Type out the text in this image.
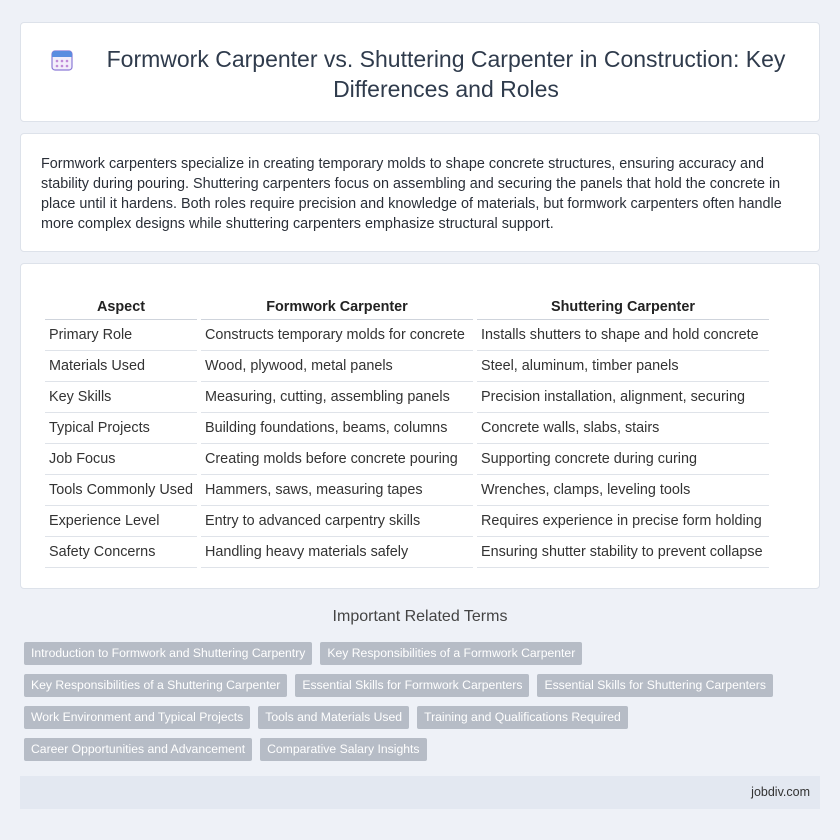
Formwork Carpenter vs. Shuttering Carpenter in Construction: Key Differences and Roles

Formwork carpenters specialize in creating temporary molds to shape concrete structures, ensuring accuracy and stability during pouring. Shuttering carpenters focus on assembling and securing the panels that hold the concrete in place until it hardens. Both roles require precision and knowledge of materials, but formwork carpenters often handle more complex designs while shuttering carpenters emphasize structural support.

Aspect	Formwork Carpenter	Shuttering Carpenter
Primary Role	Constructs temporary molds for concrete	Installs shutters to shape and hold concrete
Materials Used	Wood, plywood, metal panels	Steel, aluminum, timber panels
Key Skills	Measuring, cutting, assembling panels	Precision installation, alignment, securing
Typical Projects	Building foundations, beams, columns	Concrete walls, slabs, stairs
Job Focus	Creating molds before concrete pouring	Supporting concrete during curing
Tools Commonly Used	Hammers, saws, measuring tapes	Wrenches, clamps, leveling tools
Experience Level	Entry to advanced carpentry skills	Requires experience in precise form holding
Safety Concerns	Handling heavy materials safely	Ensuring shutter stability to prevent collapse
Important Related Terms
Introduction to Formwork and Shuttering Carpentry	Key Responsibilities of a Formwork Carpenter
Key Responsibilities of a Shuttering Carpenter	Essential Skills for Formwork Carpenters	Essential Skills for Shuttering Carpenters
Work Environment and Typical Projects	Tools and Materials Used	Training and Qualifications Required
Career Opportunities and Advancement	Comparative Salary Insights
jobdiv.com
